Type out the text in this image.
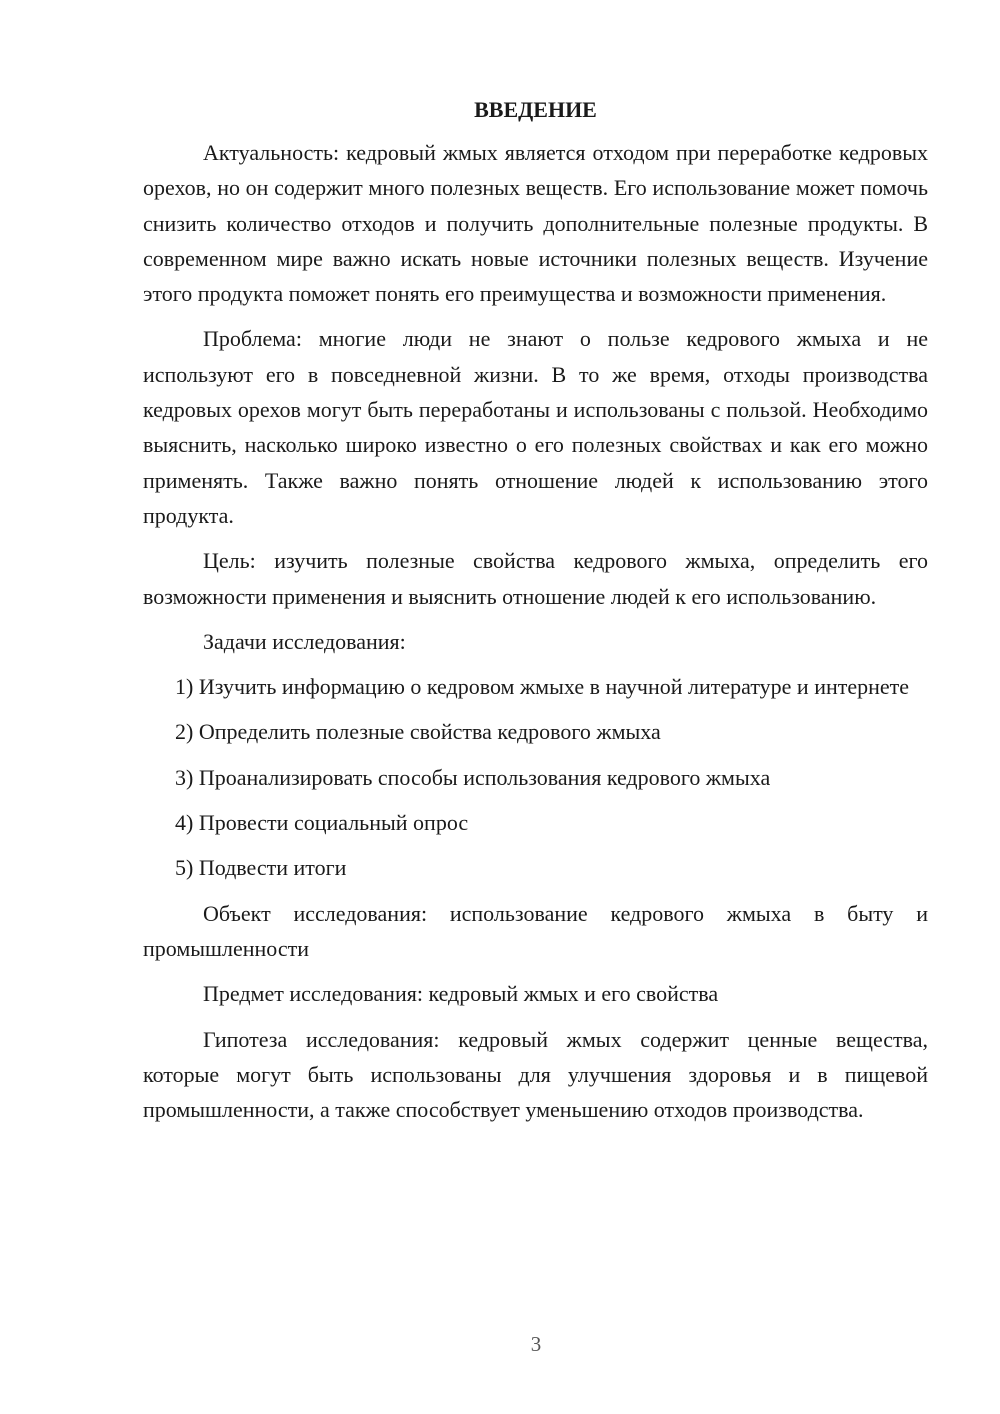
ВВЕДЕНИЕ

Актуальность: кедровый жмых является отходом при переработке кедровых орехов, но он содержит много полезных веществ. Его использование может помочь снизить количество отходов и получить дополнительные полезные продукты. В современном мире важно искать новые источники полезных веществ. Изучение этого продукта поможет понять его преимущества и возможности применения.

Проблема: многие люди не знают о пользе кедрового жмыха и не используют его в повседневной жизни. В то же время, отходы производства кедровых орехов могут быть переработаны и использованы с пользой. Необходимо выяснить, насколько широко известно о его полезных свойствах и как его можно применять. Также важно понять отношение людей к использованию этого продукта.

Цель: изучить полезные свойства кедрового жмыха, определить его возможности применения и выяснить отношение людей к его использованию.

Задачи исследования:

1) Изучить информацию о кедровом жмыхе в научной литературе и интернете

2) Определить полезные свойства кедрового жмыха

3) Проанализировать способы использования кедрового жмыха

4) Провести социальный опрос

5) Подвести итоги

Объект исследования: использование кедрового жмыха в быту и промышленности

Предмет исследования: кедровый жмых и его свойства

Гипотеза исследования: кедровый жмых содержит ценные вещества, которые могут быть использованы для улучшения здоровья и в пищевой промышленности, а также способствует уменьшению отходов производства.

3
